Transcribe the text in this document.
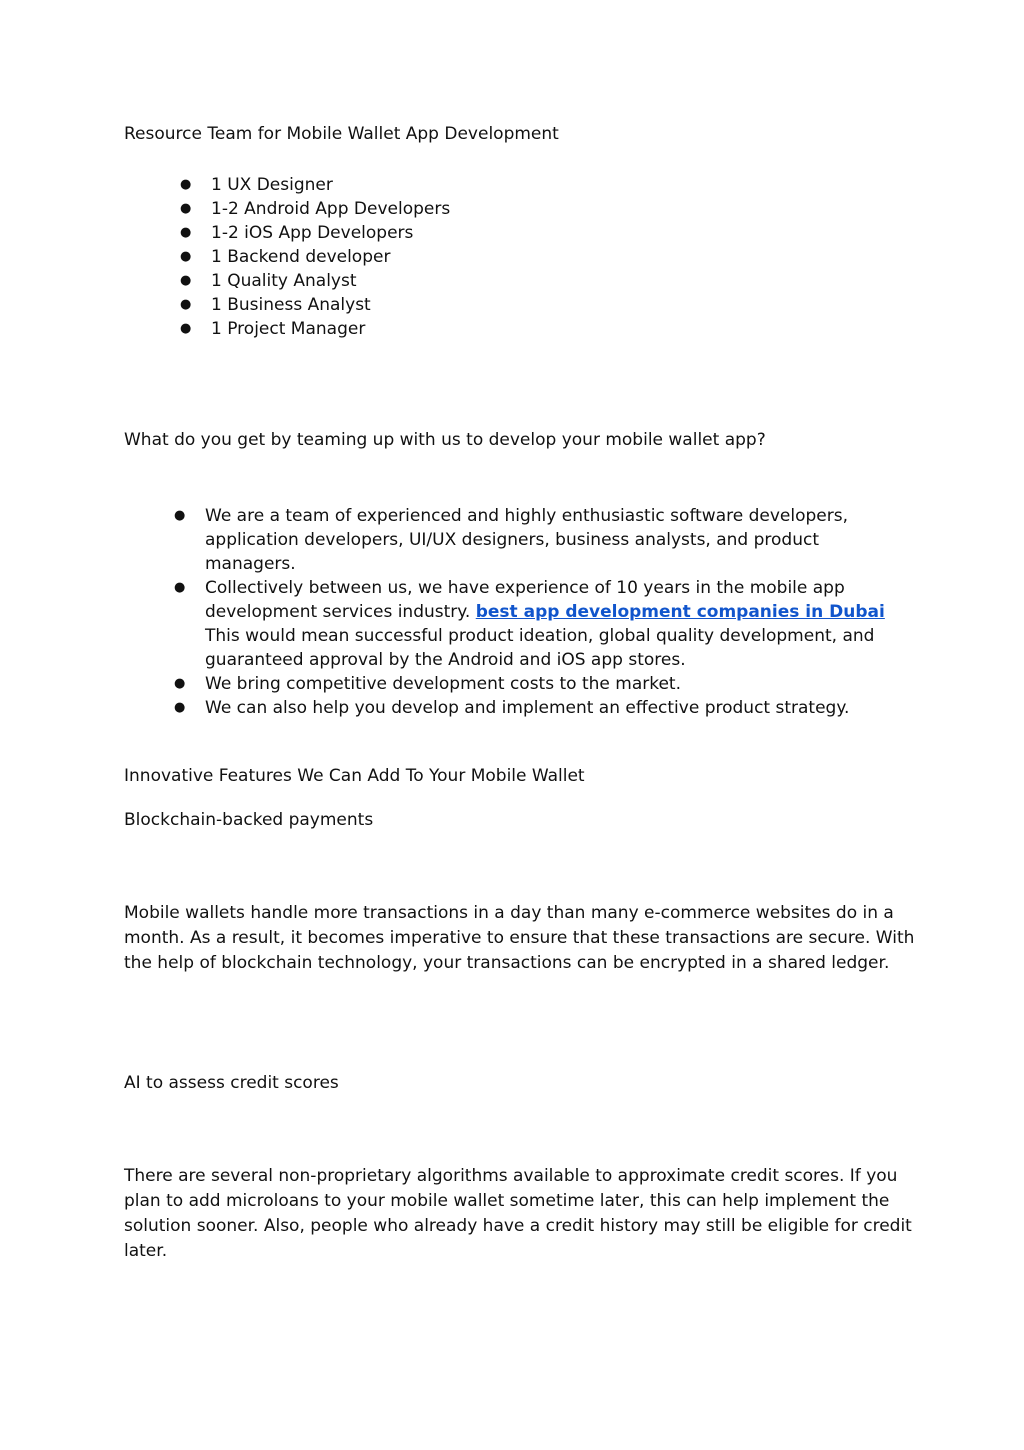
Resource Team for Mobile Wallet App Development

● 1 UX Designer
● 1-2 Android App Developers
● 1-2 iOS App Developers
● 1 Backend developer
● 1 Quality Analyst
● 1 Business Analyst
● 1 Project Manager

What do you get by teaming up with us to develop your mobile wallet app?

● We are a team of experienced and highly enthusiastic software developers, application developers, UI/UX designers, business analysts, and product managers.
● Collectively between us, we have experience of 10 years in the mobile app development services industry. best app development companies in Dubai
This would mean successful product ideation, global quality development, and guaranteed approval by the Android and iOS app stores.
● We bring competitive development costs to the market.
● We can also help you develop and implement an effective product strategy.

Innovative Features We Can Add To Your Mobile Wallet

Blockchain-backed payments

Mobile wallets handle more transactions in a day than many e-commerce websites do in a month. As a result, it becomes imperative to ensure that these transactions are secure. With the help of blockchain technology, your transactions can be encrypted in a shared ledger.

AI to assess credit scores

There are several non-proprietary algorithms available to approximate credit scores. If you plan to add microloans to your mobile wallet sometime later, this can help implement the solution sooner. Also, people who already have a credit history may still be eligible for credit later.
